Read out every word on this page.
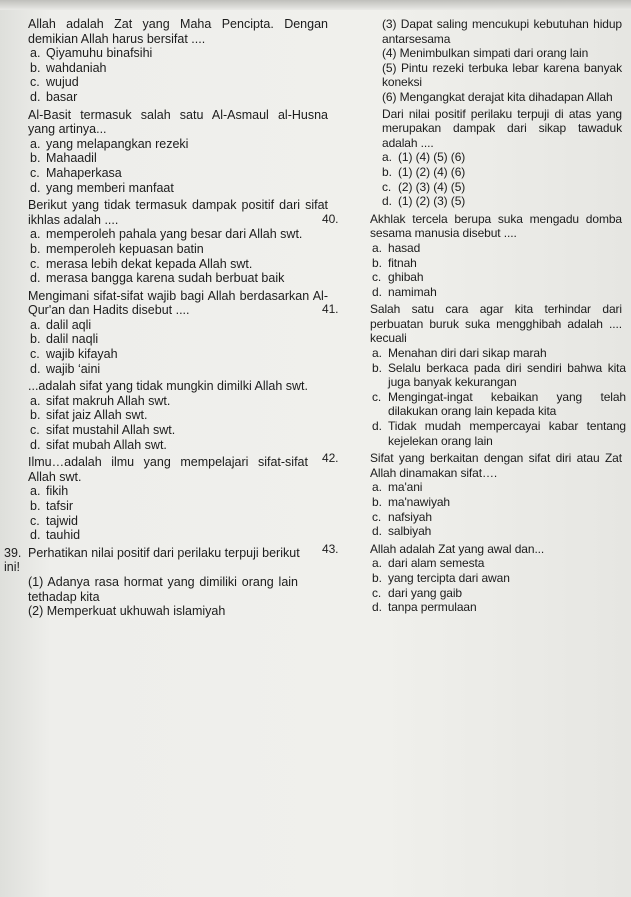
Allah adalah Zat yang Maha Pencipta. Dengan demikian Allah harus bersifat ....
a. Qiyamuhu binafsihi
b. wahdaniah
c. wujud
d. basar
Al-Basit termasuk salah satu Al-Asmaul al-Husna yang artinya...
a. yang melapangkan rezeki
b. Mahaadil
c. Mahaperkasa
d. yang memberi manfaat
Berikut yang tidak termasuk dampak positif dari sifat ikhlas adalah ....
a. memperoleh pahala yang besar dari Allah swt.
b. memperoleh kepuasan batin
c. merasa lebih dekat kepada Allah swt.
d. merasa bangga karena sudah berbuat baik
Mengimani sifat-sifat wajib bagi Allah berdasarkan Al-Qur'an dan Hadits disebut ....
a. dalil aqli
b. dalil naqli
c. wajib kifayah
d. wajib ‘aini
...adalah sifat yang tidak mungkin dimilki Allah swt.
a. sifat makruh Allah swt.
b. sifat jaiz Allah swt.
c. sifat mustahil Allah swt.
d. sifat mubah Allah swt.
Ilmu…adalah ilmu yang mempelajari sifat-sifat Allah swt.
a. fikih
b. tafsir
c. tajwid
d. tauhid
39. Perhatikan nilai positif dari perilaku terpuji berikut ini!
(1) Adanya rasa hormat yang dimiliki orang lain tethadap kita
(2) Memperkuat ukhuwah islamiyah
(3) Dapat saling mencukupi kebutuhan hidup antarsesama
(4) Menimbulkan simpati dari orang lain
(5) Pintu rezeki terbuka lebar karena banyak koneksi
(6) Mengangkat derajat kita dihadapan Allah
Dari nilai positif perilaku terpuji di atas yang merupakan dampak dari sikap tawaduk adalah ....
a. (1) (4) (5) (6)
b. (1) (2) (4) (6)
c. (2) (3) (4) (5)
d. (1) (2) (3) (5)
40.	Akhlak tercela berupa suka mengadu domba sesama manusia disebut ....
a. hasad
b. fitnah
c. ghibah
d. namimah
41.	Salah satu cara agar kita terhindar dari perbuatan buruk suka mengghibah adalah .... kecuali
a. Menahan diri dari sikap marah
b. Selalu berkaca pada diri sendiri bahwa kita juga banyak kekurangan
c. Mengingat-ingat kebaikan yang telah dilakukan orang lain kepada kita
d. Tidak mudah mempercayai kabar tentang kejelekan orang lain
42.	Sifat yang berkaitan dengan sifat diri atau Zat Allah dinamakan sifat….
a. ma'ani
b. ma'nawiyah
c. nafsiyah
d. salbiyah
43.	Allah adalah Zat yang awal dan...
a. dari alam semesta
b. yang tercipta dari awan
c. dari yang gaib
d. tanpa permulaan
